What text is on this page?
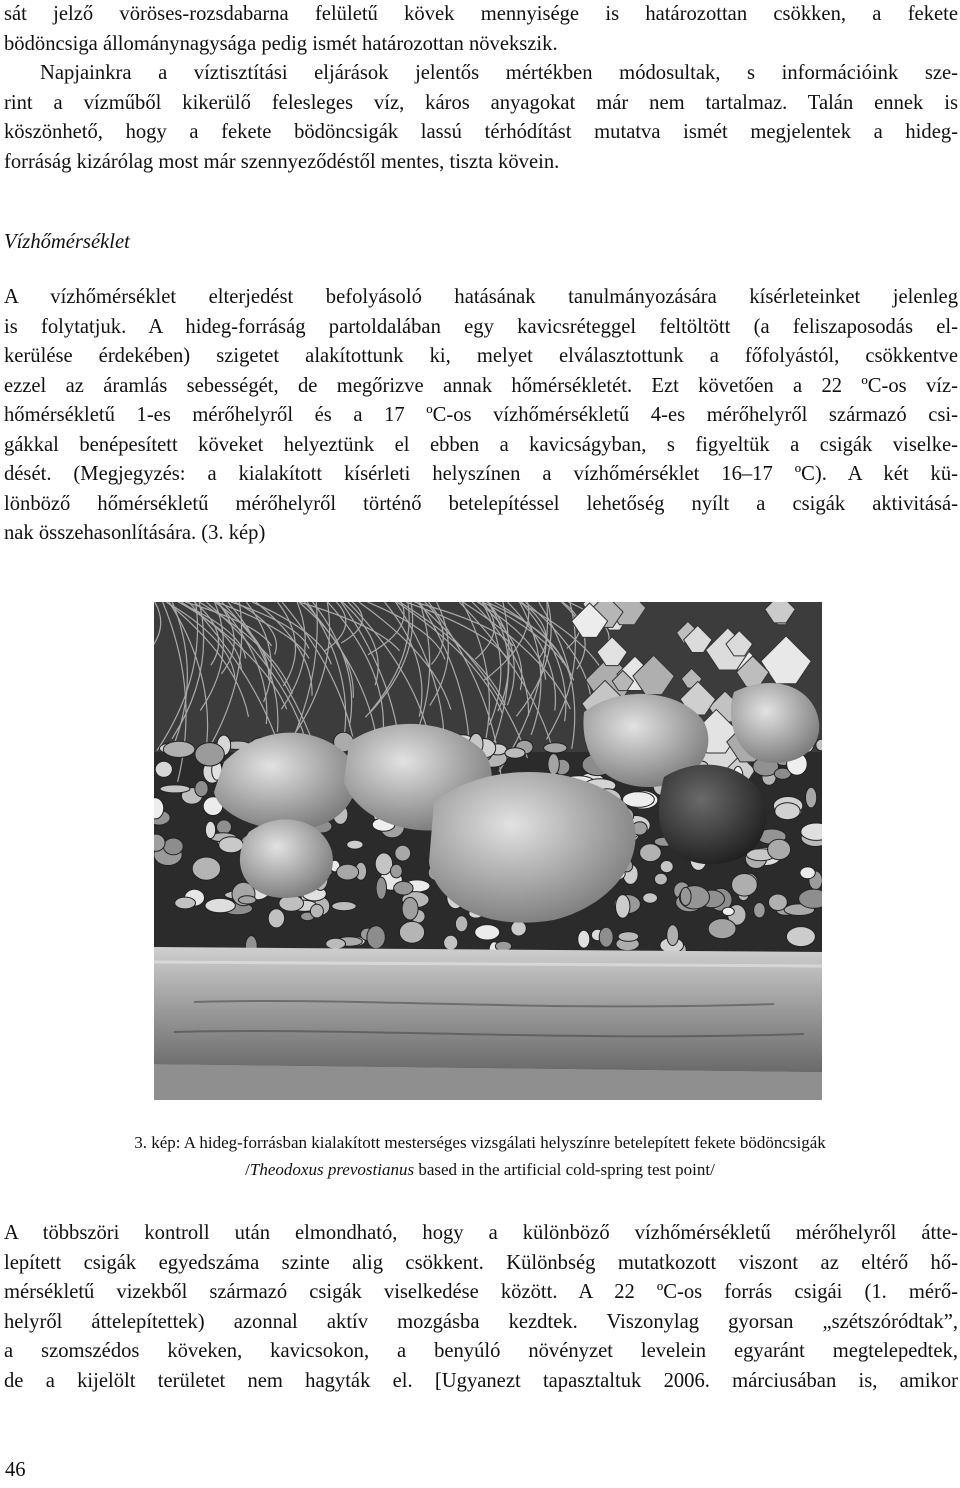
sát jelző vöröses-rozsdabarna felületű kövek mennyisége is határozottan csökken, a fekete
bödöncsiga állománynagysága pedig ismét határozottan növekszik.
Napjainkra a víztisztítási eljárások jelentős mértékben módosultak, s információink sze-
rint a vízműből kikerülő felesleges víz, káros anyagokat már nem tartalmaz. Talán ennek is
köszönhető, hogy a fekete bödöncsigák lassú térhódítást mutatva ismét megjelentek a hideg-
forráság kizárólag most már szennyeződéstől mentes, tiszta kövein.

Vízhőmérséklet

A vízhőmérséklet elterjedést befolyásoló hatásának tanulmányozására kísérleteinket jelenleg
is folytatjuk. A hideg-forráság partoldalában egy kavicsréteggel feltöltött (a feliszaposodás el-
kerülése érdekében) szigetet alakítottunk ki, melyet elválasztottunk a főfolyástól, csökkentve
ezzel az áramlás sebességét, de megőrizve annak hőmérsékletét. Ezt követően a 22 ºC-os víz-
hőmérsékletű 1-es mérőhelyről és a 17 ºC-os vízhőmérsékletű 4-es mérőhelyről származó csi-
gákkal benépesített köveket helyeztünk el ebben a kavicságyban, s figyeltük a csigák viselke-
dését. (Megjegyzés: a kialakított kísérleti helyszínen a vízhőmérséklet 16–17 ºC). A két kü-
lönböző hőmérsékletű mérőhelyről történő betelepítéssel lehetőség nyílt a csigák aktivitásá-
nak összehasonlítására. (3. kép)

3. kép: A hideg-forrásban kialakított mesterséges vizsgálati helyszínre betelepített fekete bödöncsigák

/Theodoxus prevostianus based in the artificial cold-spring test point/

A többszöri kontroll után elmondható, hogy a különböző vízhőmérsékletű mérőhelyről átte-
lepített csigák egyedszáma szinte alig csökkent. Különbség mutatkozott viszont az eltérő hő-
mérsékletű vizekből származó csigák viselkedése között. A 22 ºC-os forrás csigái (1. mérő-
helyről áttelepítettek) azonnal aktív mozgásba kezdtek. Viszonylag gyorsan „szétszóródtak”,
a szomszédos köveken, kavicsokon, a benyúló növényzet levelein egyaránt megtelepedtek,
de a kijelölt területet nem hagyták el. [Ugyanezt tapasztaltuk 2006. márciusában is, amikor
46
